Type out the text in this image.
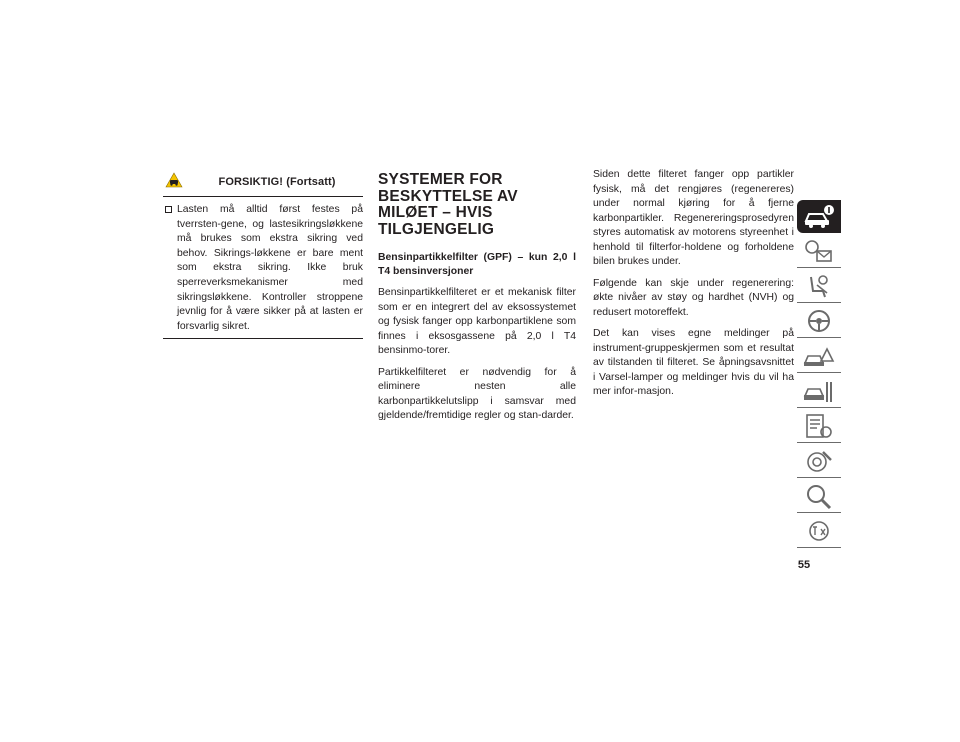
FORSIKTIG! (Fortsatt)
Lasten må alltid først festes på tverrsten-gene, og lastesikringsløkkene må brukes som ekstra sikring ved behov. Sikrings-løkkene er bare ment som ekstra sikring. Ikke bruk sperreverksmekanismer med sikringsløkkene. Kontroller stroppene jevnlig for å være sikker på at lasten er forsvarlig sikret.
SYSTEMER FOR BESKYTTELSE AV MILØET – HVIS TILGJENGELIG

Bensinpartikkelfilter (GPF) – kun 2,0 l T4 bensinversjoner

Bensinpartikkelfilteret er et mekanisk filter som er en integrert del av eksossystemet og fysisk fanger opp karbonpartiklene som finnes i eksosgassene på 2,0 l T4 bensinmo-torer.

Partikkelfilteret er nødvendig for å eliminere nesten alle karbonpartikkelutslipp i samsvar med gjeldende/fremtidige regler og stan-darder.

Siden dette filteret fanger opp partikler fysisk, må det rengjøres (regenereres) under normal kjøring for å fjerne karbonpartikler. Regenereringsprosedyren styres automatisk av motorens styreenhet i henhold til filterfor-holdene og forholdene bilen brukes under.

Følgende kan skje under regenerering: økte nivåer av støy og hardhet (NVH) og redusert motoreffekt.

Det kan vises egne meldinger på instrument-gruppeskjermen som et resultat av tilstanden til filteret. Se åpningsavsnittet i Varsel-lamper og meldinger hvis du vil ha mer infor-masjon.

55
